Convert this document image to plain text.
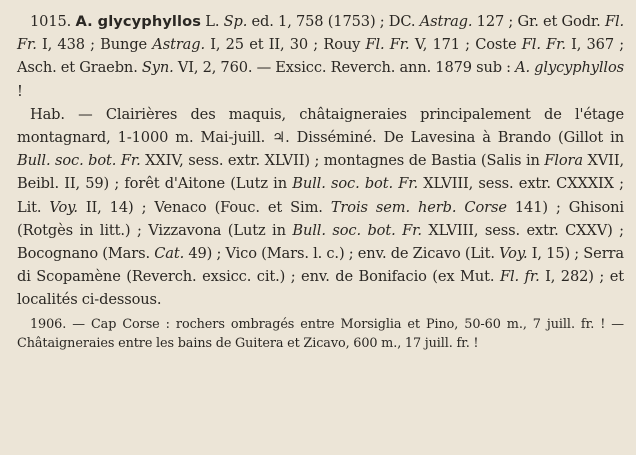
1015. A. glycyphyllos L. Sp. ed. 1, 758 (1753) ; DC. Astrag. 127 ; Gr. et Godr. Fl. Fr. I, 438 ; Bunge Astrag. I, 25 et II, 30 ; Rouy Fl. Fr. V, 171 ; Coste Fl. Fr. I, 367 ; Asch. et Graebn. Syn. VI, 2, 760. — Exsicc. Reverch. ann. 1879 sub : A. glycyphyllos !

Hab. — Clairières des maquis, châtaigneraies principalement de l'étage montagnard, 1-1000 m. Mai-juill. ♃. Disséminé. De Lavesina à Brando (Gillot in Bull. soc. bot. Fr. XXIV, sess. extr. XLVII) ; montagnes de Bastia (Salis in Flora XVII, Beibl. II, 59) ; forêt d'Aitone (Lutz in Bull. soc. bot. Fr. XLVIII, sess. extr. CXXXIX ; Lit. Voy. II, 14) ; Venaco (Fouc. et Sim. Trois sem. herb. Corse 141) ; Ghisoni (Rotgès in litt.) ; Vizzavona (Lutz in Bull. soc. bot. Fr. XLVIII, sess. extr. CXXV) ; Bocognano (Mars. Cat. 49) ; Vico (Mars. l. c.) ; env. de Zicavo (Lit. Voy. I, 15) ; Serra di Scopamène (Reverch. exsicc. cit.) ; env. de Bonifacio (ex Mut. Fl. fr. I, 282) ; et localités ci-dessous.

1906. — Cap Corse : rochers ombragés entre Morsiglia et Pino, 50-60 m., 7 juill. fr. ! — Châtaigneraies entre les bains de Guitera et Zicavo, 600 m., 17 juill. fr. !
